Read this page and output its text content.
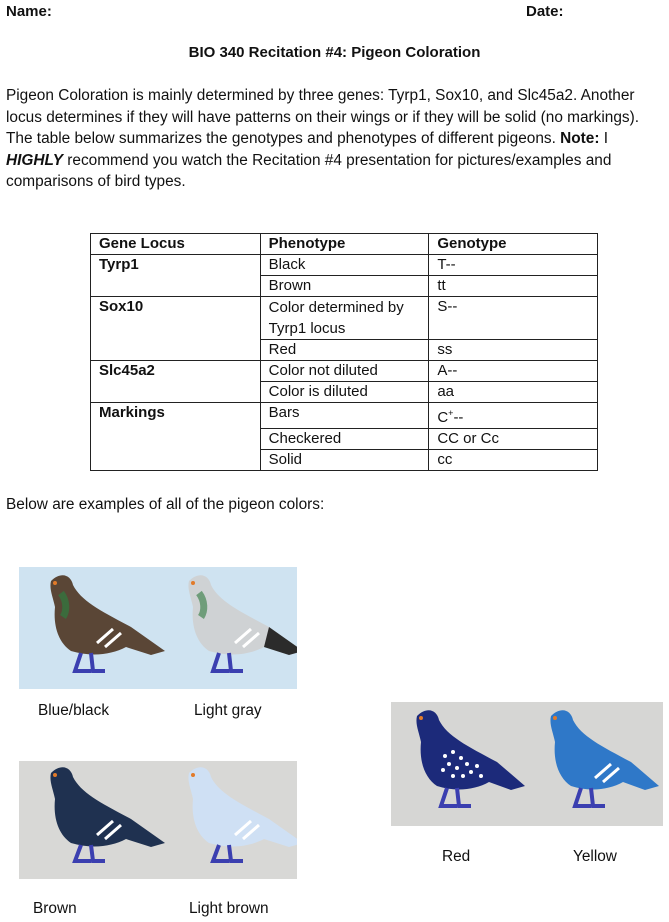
Name:	Date:
BIO 340 Recitation #4: Pigeon Coloration
Pigeon Coloration is mainly determined by three genes: Tyrp1, Sox10, and Slc45a2. Another locus determines if they will have patterns on their wings or if they will be solid (no markings). The table below summarizes the genotypes and phenotypes of different pigeons. Note: I HIGHLY recommend you watch the Recitation #4 presentation for pictures/examples and comparisons of bird types.
Gene Locus	Phenotype	Genotype
Tyrp1	Black	T--
	Brown	tt
Sox10	Color determined by Tyrp1 locus	S--
	Red	ss
Slc45a2	Color not diluted	A--
	Color is diluted	aa
Markings	Bars	C+--
	Checkered	CC or Cc
	Solid	cc
Below are examples of all of the pigeon colors:
Blue/black	Light gray
Brown	Light brown
Red	Yellow
